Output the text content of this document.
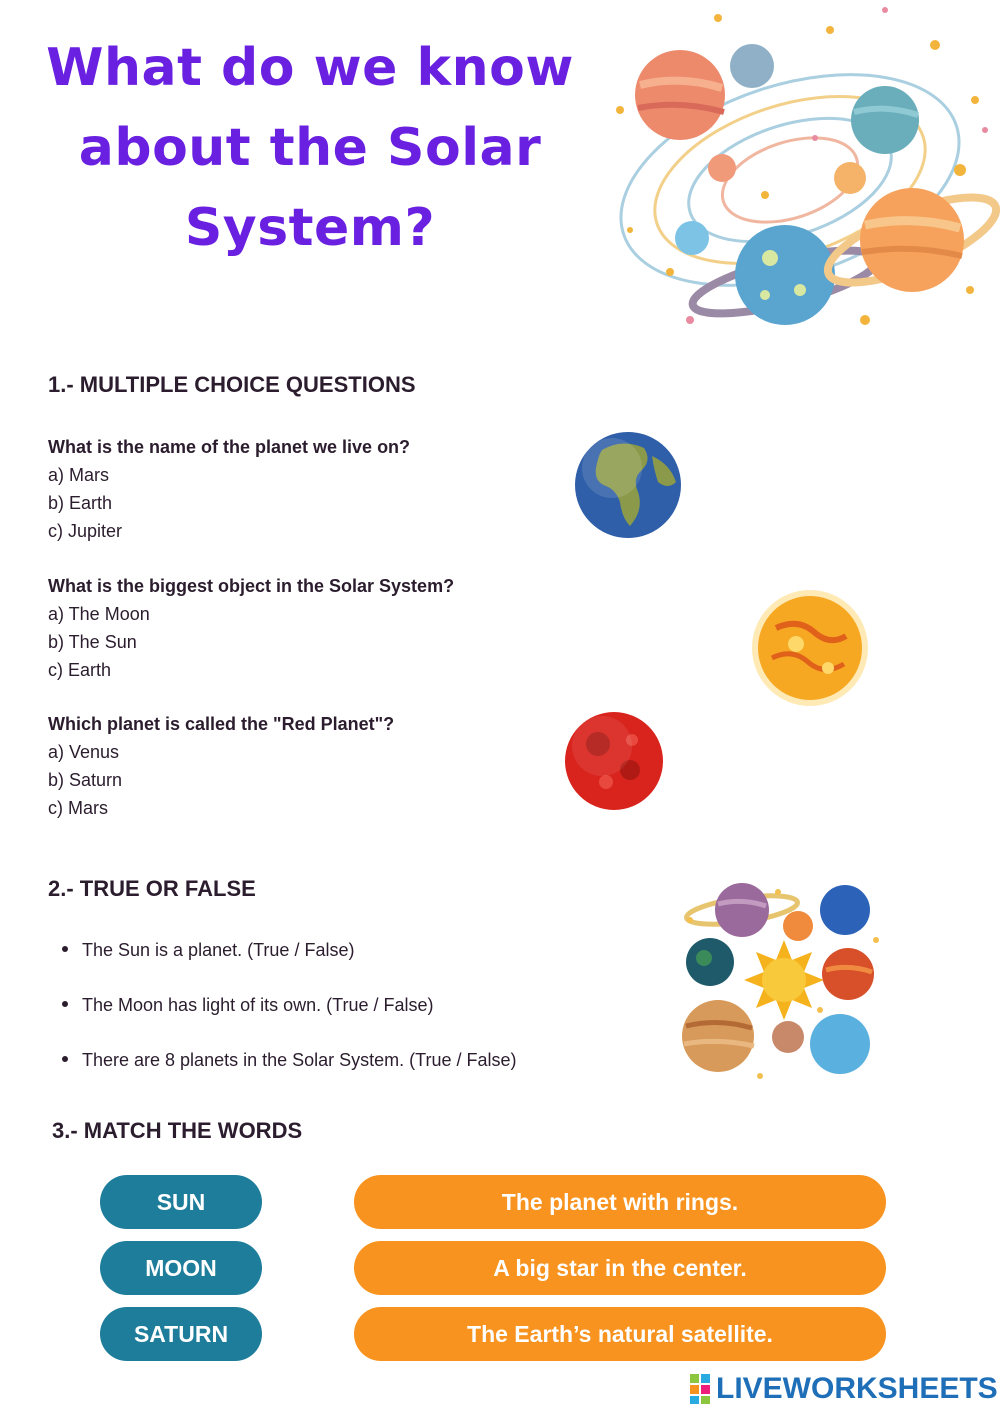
What do we know
about the Solar
System?
1.- MULTIPLE CHOICE QUESTIONS
What is the name of the planet we live on?
a) Mars
b) Earth
c) Jupiter
What is the biggest object in the Solar System?
a) The Moon
b) The Sun
c) Earth
Which planet is called the "Red Planet"?
a) Venus
b) Saturn
c) Mars
2.- TRUE OR FALSE
The Sun is a planet. (True / False)
The Moon has light of its own. (True / False)
There are 8 planets in the Solar System. (True / False)
3.- MATCH THE WORDS
SUN
MOON
SATURN
The planet with rings.
A big star in the center.
The Earth’s natural satellite.
LIVEWORKSHEETS
